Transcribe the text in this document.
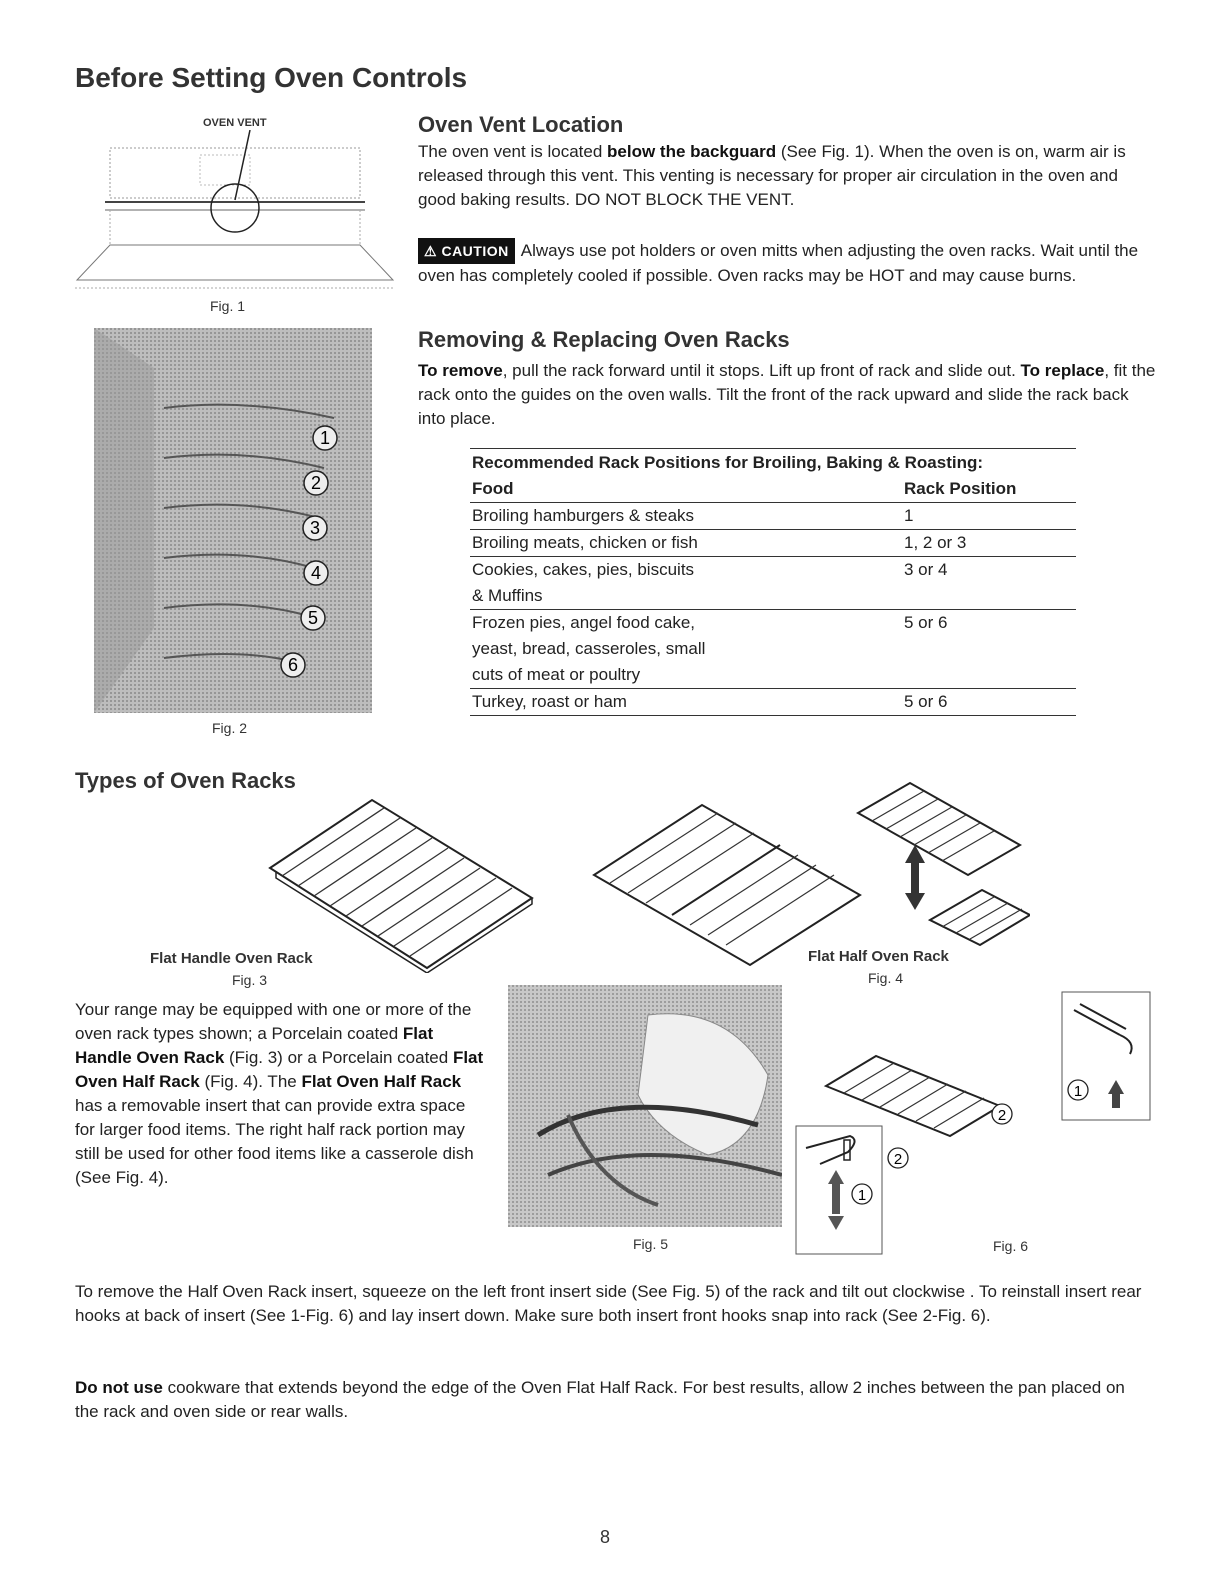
Before Setting Oven Controls
OVEN VENT
Fig. 1
1
2
3
4
5
6
Fig. 2
Oven Vent Location
The oven vent is located below the backguard (See Fig. 1). When the oven is on, warm air is released through this vent. This venting is necessary for proper air circulation in the oven and good baking results. DO NOT BLOCK THE VENT.
⚠ CAUTION Always use pot holders or oven mitts when adjusting the oven racks. Wait until the oven has completely cooled if possible. Oven racks may be HOT and may cause burns.
Removing & Replacing Oven Racks
To remove, pull the rack forward until it stops. Lift up front of rack and slide out. To replace, fit the rack onto the guides on the oven walls. Tilt the front of the rack upward and slide the rack back into place.
Recommended Rack Positions for Broiling, Baking & Roasting:	
Food	Rack Position
Broiling hamburgers & steaks	1
Broiling meats, chicken or fish	1, 2 or 3

Cookies, cakes, pies, biscuits
& Muffins	3 or 4

Frozen pies, angel food cake,
yeast, bread, casseroles, small
cuts of meat or poultry	5 or 6
Turkey, roast or ham	5 or 6
Types of Oven Racks
Flat Handle Oven Rack
Fig. 3
Flat Half Oven Rack
Fig. 4
Your range may be equipped with one or more of the oven rack types shown; a Porcelain coated Flat Handle Oven Rack (Fig. 3) or a Porcelain coated Flat Oven Half Rack (Fig. 4). The Flat Oven Half Rack has a removable insert that can provide extra space for larger food items. The right half rack portion may still be used for other food items like a casserole dish (See Fig. 4).
Fig. 5
1
2
2
1
Fig. 6
To remove the Half Oven Rack insert, squeeze on the left front insert side (See Fig. 5) of the rack and tilt out clockwise . To reinstall insert rear hooks at back of insert (See 1-Fig. 6) and lay insert down. Make sure both insert front hooks snap into rack (See 2-Fig. 6).
Do not use cookware that extends beyond the edge of the Oven Flat Half Rack. For best results, allow 2 inches between the pan placed on the rack and oven side or rear walls.
8
